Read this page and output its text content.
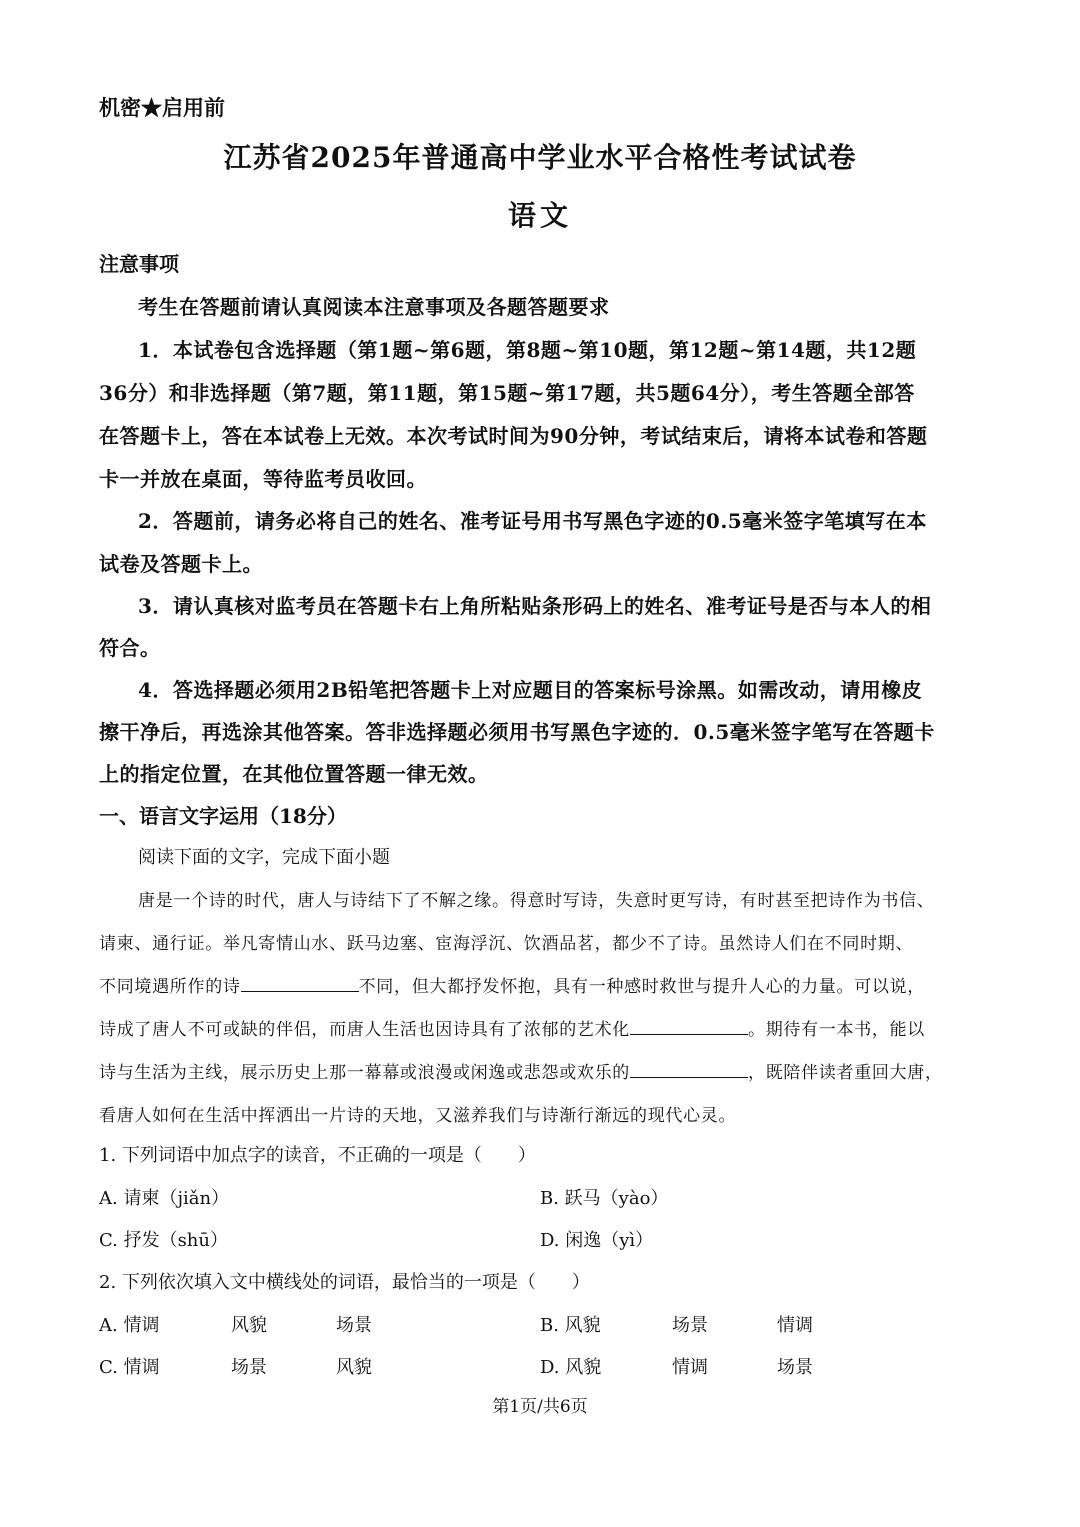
机密★启用前
江苏省2025年普通高中学业水平合格性考试试卷
语文
注意事项
考生在答题前请认真阅读本注意事项及各题答题要求
1．本试卷包含选择题（第1题~第6题，第8题~第10题，第12题~第14题，共12题
36分）和非选择题（第7题，第11题，第15题~第17题，共5题64分），考生答题全部答
在答题卡上，答在本试卷上无效。本次考试时间为90分钟，考试结束后，请将本试卷和答题
卡一并放在桌面，等待监考员收回。
2．答题前，请务必将自己的姓名、准考证号用书写黑色字迹的0.5毫米签字笔填写在本
试卷及答题卡上。
3．请认真核对监考员在答题卡右上角所粘贴条形码上的姓名、准考证号是否与本人的相
符合。
4．答选择题必须用2B铅笔把答题卡上对应题目的答案标号涂黑。如需改动，请用橡皮
擦干净后，再选涂其他答案。答非选择题必须用书写黑色字迹的．0.5毫米签字笔写在答题卡
上的指定位置，在其他位置答题一律无效。
一、语言文字运用（18分）
阅读下面的文字，完成下面小题
唐是一个诗的时代，唐人与诗结下了不解之缘。得意时写诗，失意时更写诗，有时甚至把诗作为书信、
请柬、通行证。举凡寄情山水、跃马边塞、宦海浮沉、饮酒品茗，都少不了诗。虽然诗人们在不同时期、
不同境遇所作的诗	不同，但大都抒发怀抱，具有一种感时救世与提升人心的力量。可以说，
诗成了唐人不可或缺的伴侣，而唐人生活也因诗具有了浓郁的艺术化	。期待有一本书，能以
诗与生活为主线，展示历史上那一幕幕或浪漫或闲逸或悲怨或欢乐的	，既陪伴读者重回大唐，
看唐人如何在生活中挥洒出一片诗的天地，又滋养我们与诗渐行渐远的现代心灵。
1. 下列词语中加点字的读音，不正确的一项是（　　）
A. 请柬（jiǎn）	B. 跃马（yào）
C. 抒发（shū）	D. 闲逸（yì）
2. 下列依次填入文中横线处的词语，最恰当的一项是（　　）
A. 情调	风貌	场景	B. 风貌	场景	情调
C. 情调	场景	风貌	D. 风貌	情调	场景
第1页/共6页
